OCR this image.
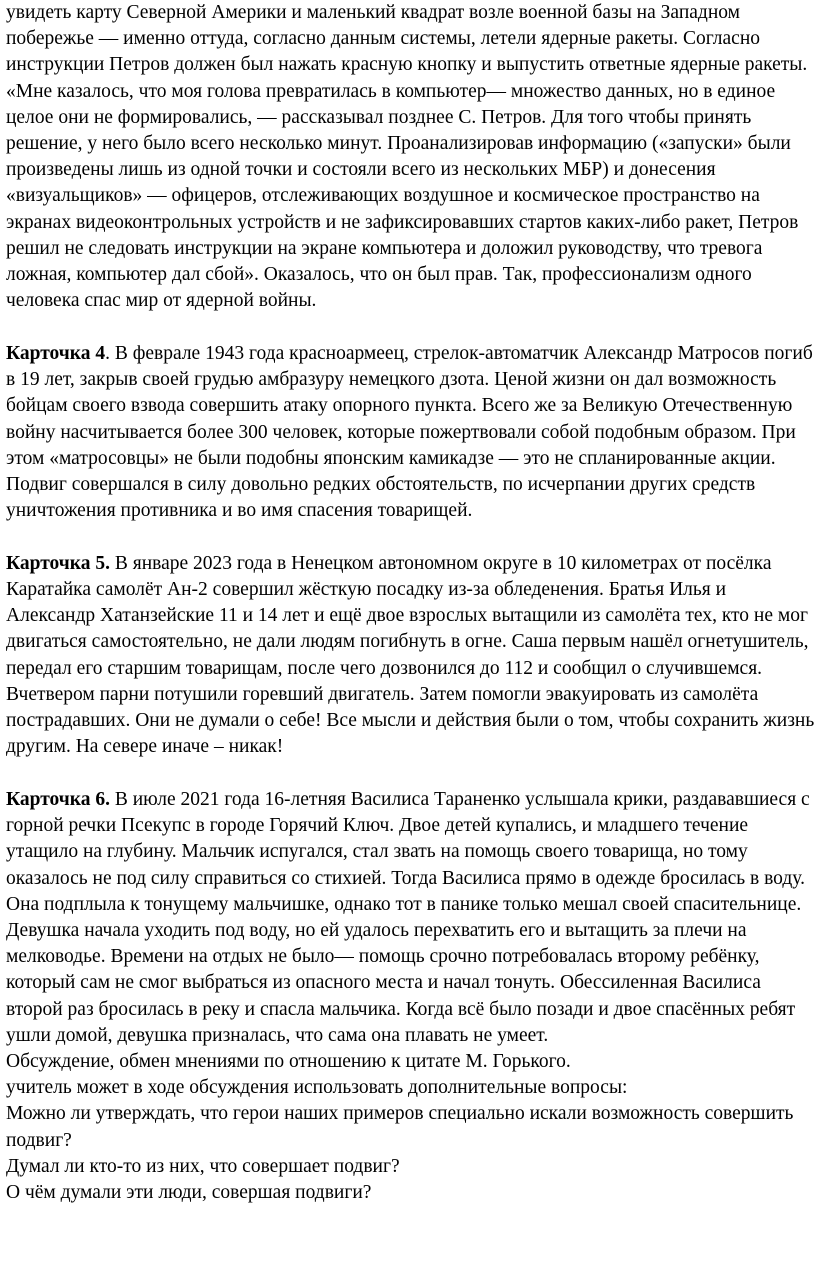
увидеть карту Северной Америки и маленький квадрат возле военной базы на Западном побережье — именно оттуда, согласно данным системы, летели ядерные ракеты. Согласно инструкции Петров должен был нажать красную кнопку и выпустить ответные ядерные ракеты. «Мне казалось, что моя голова превратилась в компьютер— множество данных, но в единое целое они не формировались, — рассказывал позднее С. Петров. Для того чтобы принять решение, у него было всего несколько минут. Проанализировав информацию («запуски» были произведены лишь из одной точки и состояли всего из нескольких МБР) и донесения «визуальщиков» — офицеров, отслеживающих воздушное и космическое пространство на экранах видеоконтрольных устройств и не зафиксировавших стартов каких-либо ракет, Петров решил не следовать инструкции на экране компьютера и доложил руководству, что тревога ложная, компьютер дал сбой». Оказалось, что он был прав. Так, профессионализм одного человека спас мир от ядерной войны.

Карточка 4. В феврале 1943 года красноармеец, стрелок-автоматчик Александр Матросов погиб в 19 лет, закрыв своей грудью амбразуру немецкого дзота. Ценой жизни он дал возможность бойцам своего взвода совершить атаку опорного пункта. Всего же за Великую Отечественную войну насчитывается более 300 человек, которые пожертвовали собой подобным образом. При этом «матросовцы» не были подобны японским камикадзе — это не спланированные акции. Подвиг совершался в силу довольно редких обстоятельств, по исчерпании других средств уничтожения противника и во имя спасения товарищей.

Карточка 5. В январе 2023 года в Ненецком автономном округе в 10 километрах от посёлка Каратайка самолёт Ан-2 совершил жёсткую посадку из-за обледенения. Братья Илья и Александр Хатанзейские 11 и 14 лет и ещё двое взрослых вытащили из самолёта тех, кто не мог двигаться самостоятельно, не дали людям погибнуть в огне. Саша первым нашёл огнетушитель, передал его старшим товарищам, после чего дозвонился до 112 и сообщил о случившемся. Вчетвером парни потушили горевший двигатель. Затем помогли эвакуировать из самолёта пострадавших. Они не думали о себе! Все мысли и действия были о том, чтобы сохранить жизнь другим. На севере иначе – никак!

Карточка 6. В июле 2021 года 16-летняя Василиса Тараненко услышала крики, раздававшиеся с горной речки Псекупс в городе Горячий Ключ. Двое детей купались, и младшего течение утащило на глубину. Мальчик испугался, стал звать на помощь своего товарища, но тому оказалось не под силу справиться со стихией. Тогда Василиса прямо в одежде бросилась в воду. Она подплыла к тонущему мальчишке, однако тот в панике только мешал своей спасительнице. Девушка начала уходить под воду, но ей удалось перехватить его и вытащить за плечи на мелководье. Времени на отдых не было— помощь срочно потребовалась второму ребёнку, который сам не смог выбраться из опасного места и начал тонуть. Обессиленная Василиса второй раз бросилась в реку и спасла мальчика. Когда всё было позади и двое спасённых ребят ушли домой, девушка призналась, что сама она плавать не умеет.

Обсуждение, обмен мнениями по отношению к цитате М. Горького.

учитель может в ходе обсуждения использовать дополнительные вопросы:

Можно ли утверждать, что герои наших примеров специально искали возможность совершить подвиг?

Думал ли кто-то из них, что совершает подвиг?

О чём думали эти люди, совершая подвиги?
